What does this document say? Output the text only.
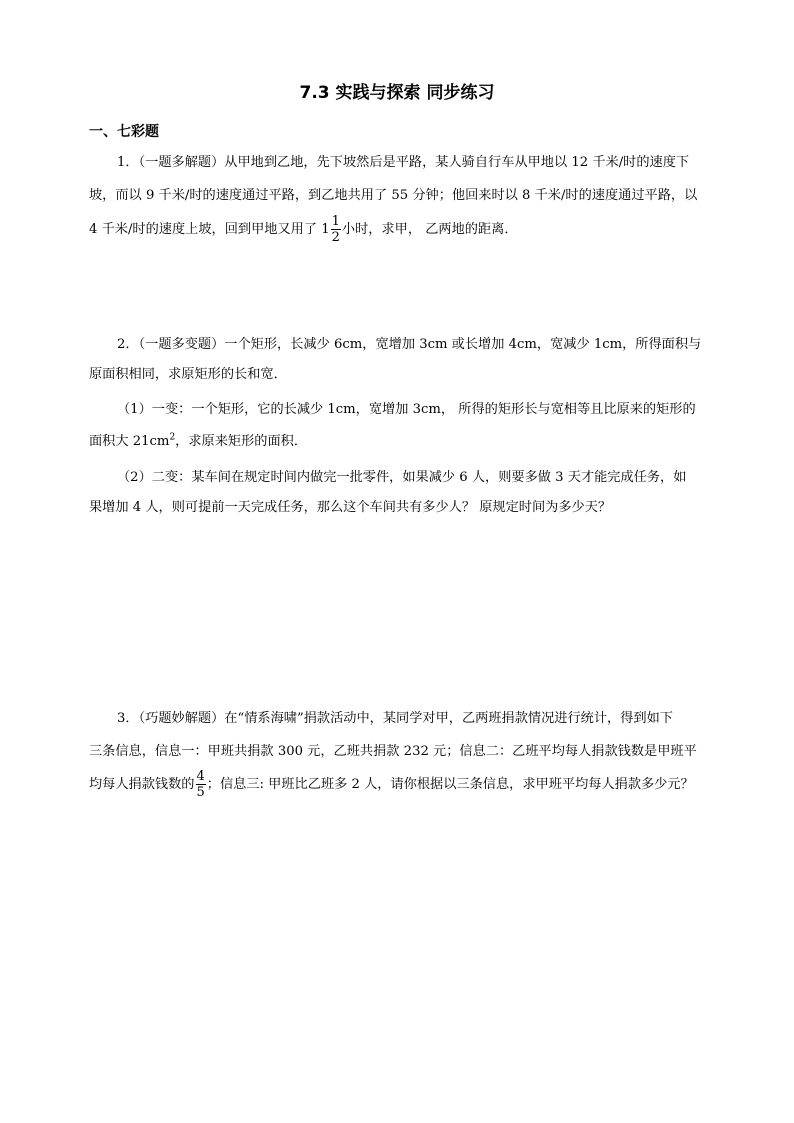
7.3 实践与探索 同步练习
一、七彩题
1．（一题多解题）从甲地到乙地，先下坡然后是平路，某人骑自行车从甲地以 12 千米/时的速度下
坡，而以 9 千米/时的速度通过平路，到乙地共用了 55 分钟；他回来时以 8 千米/时的速度通过平路，以
4 千米/时的速度上坡，回到甲地又用了 $1 \frac{1}{2}$ 小时，求甲， 乙两地的距离．
2．（一题多变题）一个矩形，长减少 6cm，宽增加 3cm 或长增加 4cm，宽减少 1cm，所得面积与
原面积相同，求原矩形的长和宽．
（1）一变：一个矩形，它的长减少 1cm，宽增加 3cm， 所得的矩形长与宽相等且比原来的矩形的
面积大 $21cm^2$，求原来矩形的面积．
（2）二变：某车间在规定时间内做完一批零件，如果减少 6 人，则要多做 3 天才能完成任务，如
果增加 4 人，则可提前一天完成任务，那么这个车间共有多少人？ 原规定时间为多少天？
3．（巧题妙解题）在“情系海啸”捐款活动中，某同学对甲，乙两班捐款情况进行统计，得到如下
三条信息，信息一：甲班共捐款 300 元，乙班共捐款 232 元；信息二：乙班平均每人捐款钱数是甲班平
均每人捐款钱数的 $\frac{4}{5}$ ；信息三: 甲班比乙班多 2 人，请你根据以三条信息，求甲班平均每人捐款多少元？
